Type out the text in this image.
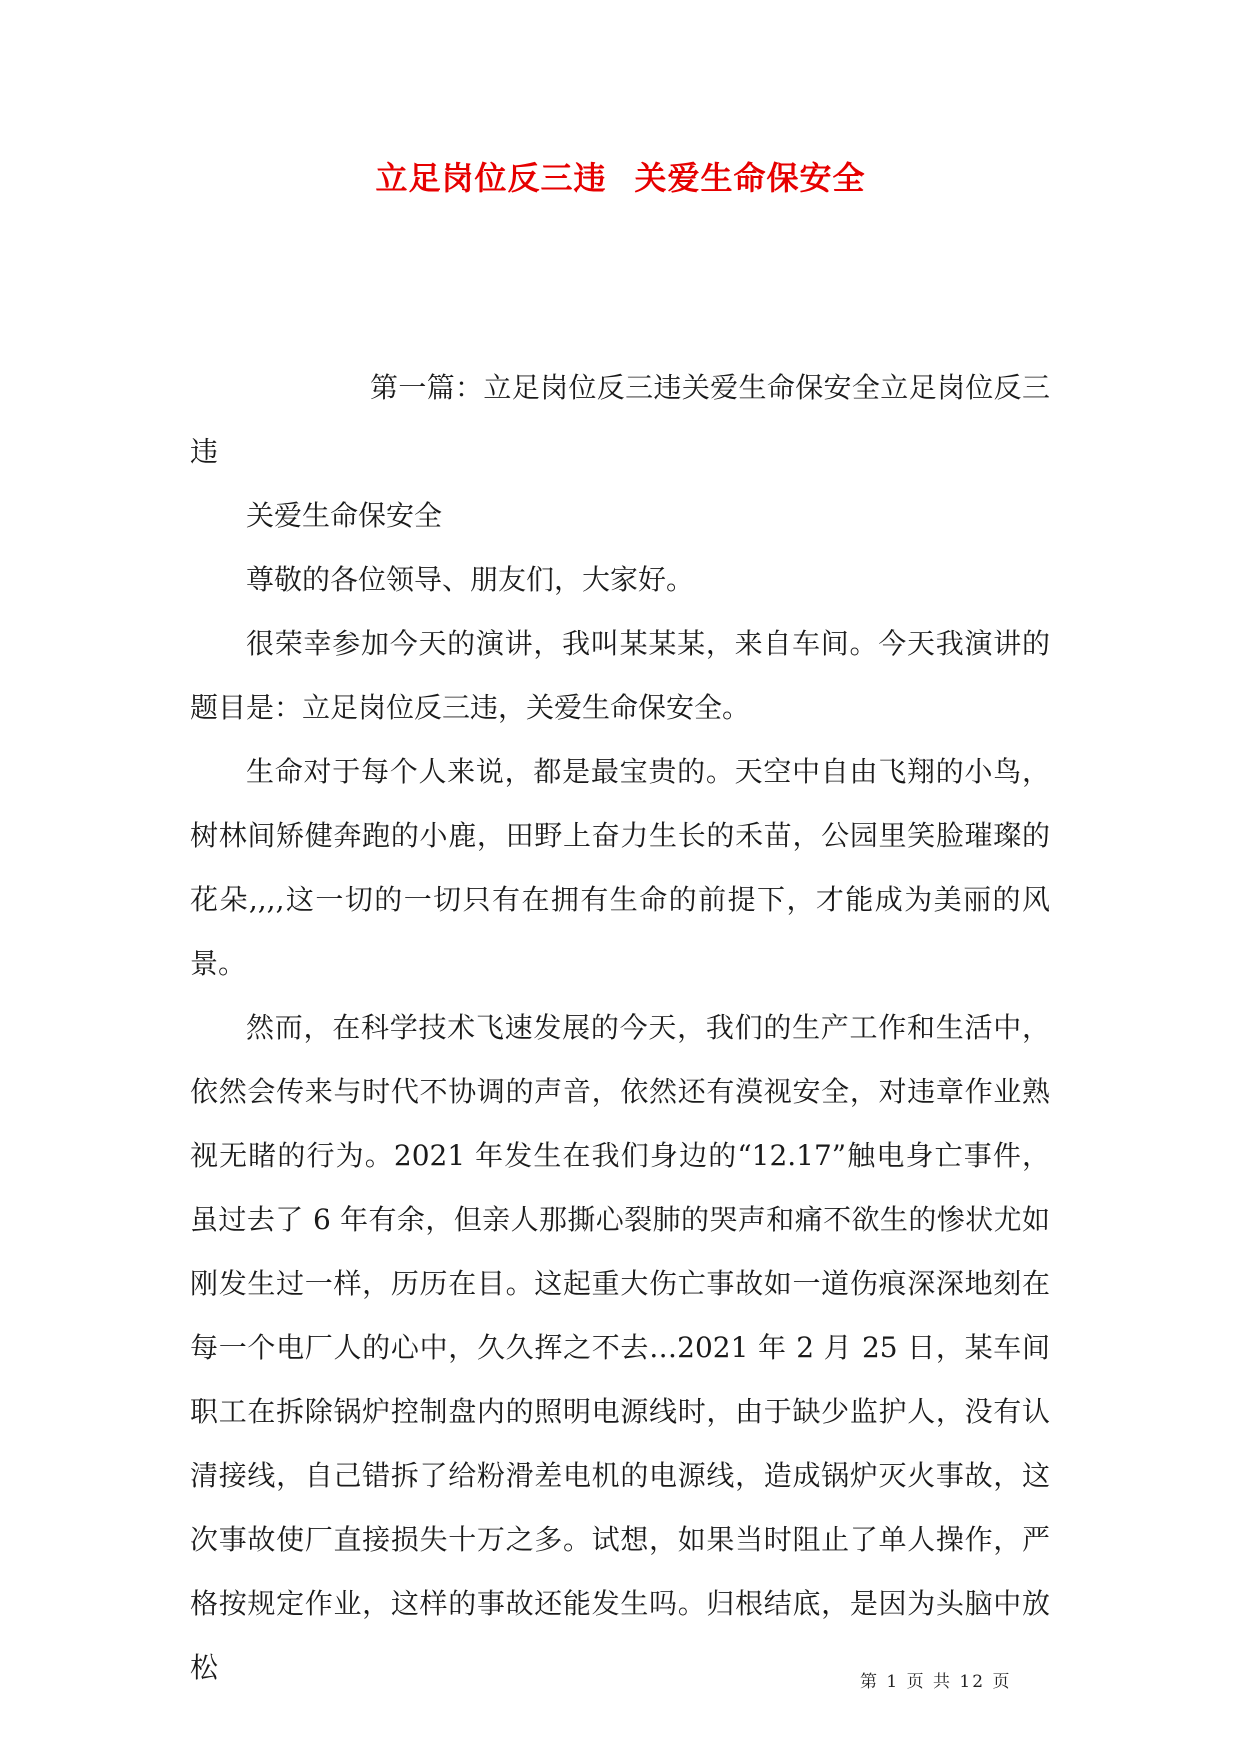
立足岗位反三违 关爱生命保安全

第一篇：立足岗位反三违关爱生命保安全立足岗位反三违

关爱生命保安全

尊敬的各位领导、朋友们，大家好。

很荣幸参加今天的演讲，我叫某某某，来自车间。今天我演讲的题目是：立足岗位反三违，关爱生命保安全。

生命对于每个人来说，都是最宝贵的。天空中自由飞翔的小鸟，树林间矫健奔跑的小鹿，田野上奋力生长的禾苗，公园里笑脸璀璨的花朵,,,,这一切的一切只有在拥有生命的前提下，才能成为美丽的风景。

然而，在科学技术飞速发展的今天，我们的生产工作和生活中，依然会传来与时代不协调的声音，依然还有漠视安全，对违章作业熟视无睹的行为。2021 年发生在我们身边的“12.17”触电身亡事件，虽过去了 6 年有余，但亲人那撕心裂肺的哭声和痛不欲生的惨状尤如刚发生过一样，历历在目。这起重大伤亡事故如一道伤痕深深地刻在每一个电厂人的心中，久久挥之不去…2021 年 2 月 25 日，某车间职工在拆除锅炉控制盘内的照明电源线时，由于缺少监护人，没有认清接线，自己错拆了给粉滑差电机的电源线，造成锅炉灭火事故，这次事故使厂直接损失十万之多。试想，如果当时阻止了单人操作，严格按规定作业，这样的事故还能发生吗。归根结底，是因为头脑中放松	第 1 页 共 12 页
